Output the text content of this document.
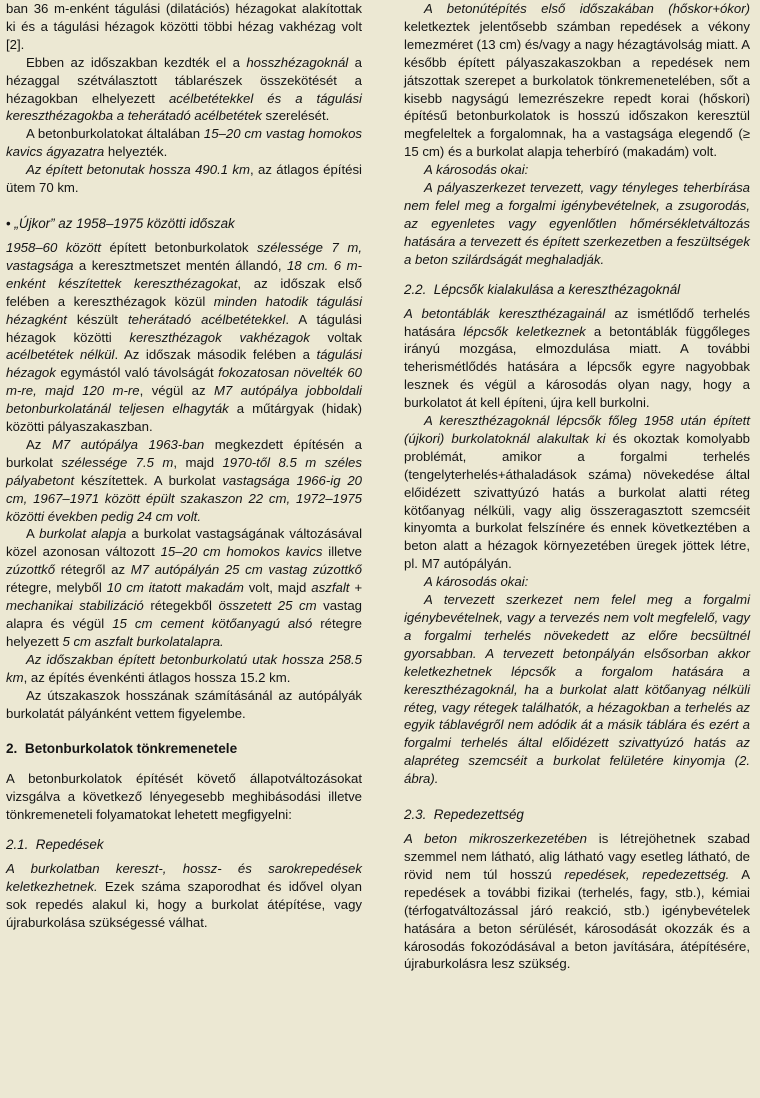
ban 36 m-enként tágulási (dilatációs) hézagokat alakítottak ki és a tágulási hézagok közötti többi hézag vakhézag volt [2].

Ebben az időszakban kezdték el a hosszhézagoknál a hézaggal szétválasztott táblarészek összekötését a hézagokban elhelyezett acélbetétekkel és a tágulási kereszthézagokba a teherátadó acélbetétek szerelését.

A betonburkolatokat általában 15–20 cm vastag homokos kavics ágyazatra helyezték.

Az épített betonutak hossza 490.1 km, az átlagos építési ütem 70 km.

• „Újkor” az 1958–1975 közötti időszak

1958–60 között épített betonburkolatok szélessége 7 m, vastagsága a keresztmetszet mentén állandó, 18 cm. 6 m-enként készítettek kereszthézagokat, az időszak első felében a kereszthézagok közül minden hatodik tágulási hézagként készült teherátadó acélbetétekkel. A tágulási hézagok közötti kereszthézagok vakhézagok voltak acélbetétek nélkül. Az időszak második felében a tágulási hézagok egymástól való távolságát fokozatosan növelték 60 m-re, majd 120 m-re, végül az M7 autópálya jobboldali betonburkolatánál teljesen elhagyták a műtárgyak (hidak) közötti pályaszakaszban.

Az M7 autópálya 1963-ban megkezdett építésén a burkolat szélessége 7.5 m, majd 1970-től 8.5 m széles pályabetont készítettek. A burkolat vastagsága 1966-ig 20 cm, 1967–1971 között épült szakaszon 22 cm, 1972–1975 közötti években pedig 24 cm volt.

A burkolat alapja a burkolat vastagságának változásával közel azonosan változott 15–20 cm homokos kavics illetve zúzottkő rétegről az M7 autópályán 25 cm vastag zúzottkő rétegre, melyből 10 cm itatott makadám volt, majd aszfalt + mechanikai stabilizáció rétegekből összetett 25 cm vastag alapra és végül 15 cm cement kötőanyagú alsó rétegre helyezett 5 cm aszfalt burkolatalapra.

Az időszakban épített betonburkolatú utak hossza 258.5 km, az építés évenkénti átlagos hossza 15.2 km.

Az útszakaszok hosszának számításánál az autópályák burkolatát pályánként vettem figyelembe.

2.  Betonburkolatok tönkremenetele

A betonburkolatok építését követő állapotváltozásokat vizsgálva a következő lényegesebb meghibásodási illetve tönkremeneteli folyamatokat lehetett megfigyelni:

2.1.  Repedések

A burkolatban kereszt-, hossz- és sarokrepedések keletkezhetnek. Ezek száma szaporodhat és idővel olyan sok repedés alakul ki, hogy a burkolat átépítése, vagy újraburkolása szükségessé válhat.

A betonútépítés első időszakában (hőskor+ókor) keletkeztek jelentősebb számban repedések a vékony lemezméret (13 cm) és/vagy a nagy hézagtávolság miatt. A később épített pályaszakaszokban a repedések nem játszottak szerepet a burkolatok tönkremenetelében, sőt a kisebb nagyságú lemezrészekre repedt korai (hőskori) építésű betonburkolatok is hosszú időszakon keresztül megfeleltek a forgalomnak, ha a vastagsága elegendő (≥ 15 cm) és a burkolat alapja teherbíró (makadám) volt.

A károsodás okai:

A pályaszerkezet tervezett, vagy tényleges teherbírása nem felel meg a forgalmi igénybevételnek, a zsugorodás, az egyenletes vagy egyenlőtlen hőmérsékletváltozás hatására a tervezett és épített szerkezetben a feszültségek a beton szilárdságát meghaladják.

2.2.  Lépcsők kialakulása a kereszthézagoknál

A betontáblák kereszthézagainál az ismétlődő terhelés hatására lépcsők keletkeznek a betontáblák függőleges irányú mozgása, elmozdulása miatt. A további teherismétlődés hatására a lépcsők egyre nagyobbak lesznek és végül a károsodás olyan nagy, hogy a burkolatot át kell építeni, újra kell burkolni.

A kereszthézagoknál lépcsők főleg 1958 után épített (újkori) burkolatoknál alakultak ki és okoztak komolyabb problémát, amikor a forgalmi terhelés (tengelyterhelés+áthaladások száma) növekedése által előidézett szivattyúzó hatás a burkolat alatti réteg kötőanyag nélküli, vagy alig összeragasztott szemcséit kinyomta a burkolat felszínére és ennek következtében a beton alatt a hézagok környezetében üregek jöttek létre, pl. M7 autópályán.

A károsodás okai:

A tervezett szerkezet nem felel meg a forgalmi igénybevételnek, vagy a tervezés nem volt megfelelő, vagy a forgalmi terhelés növekedett az előre becsültnél gyorsabban. A tervezett betonpályán elsősorban akkor keletkezhetnek lépcsők a forgalom hatására a kereszthézagoknál, ha a burkolat alatt kötőanyag nélküli réteg, vagy rétegek találhatók, a hézagokban a terhelés az egyik táblavégről nem adódik át a másik táblára és ezért a forgalmi terhelés által előidézett szivattyúzó hatás az alapréteg szemcséit a burkolat felületére kinyomja (2. ábra).

2.3.  Repedezettség

A beton mikroszerkezetében is létrejöhetnek szabad szemmel nem látható, alig látható vagy esetleg látható, de rövid nem túl hosszú repedések, repedezettség. A repedések a további fizikai (terhelés, fagy, stb.), kémiai (térfogatváltozással járó reakció, stb.) igénybevételek hatására a beton sérülését, károsodását okozzák és a károsodás fokozódásával a beton javítására, átépítésére, újraburkolásra lesz szükség.
